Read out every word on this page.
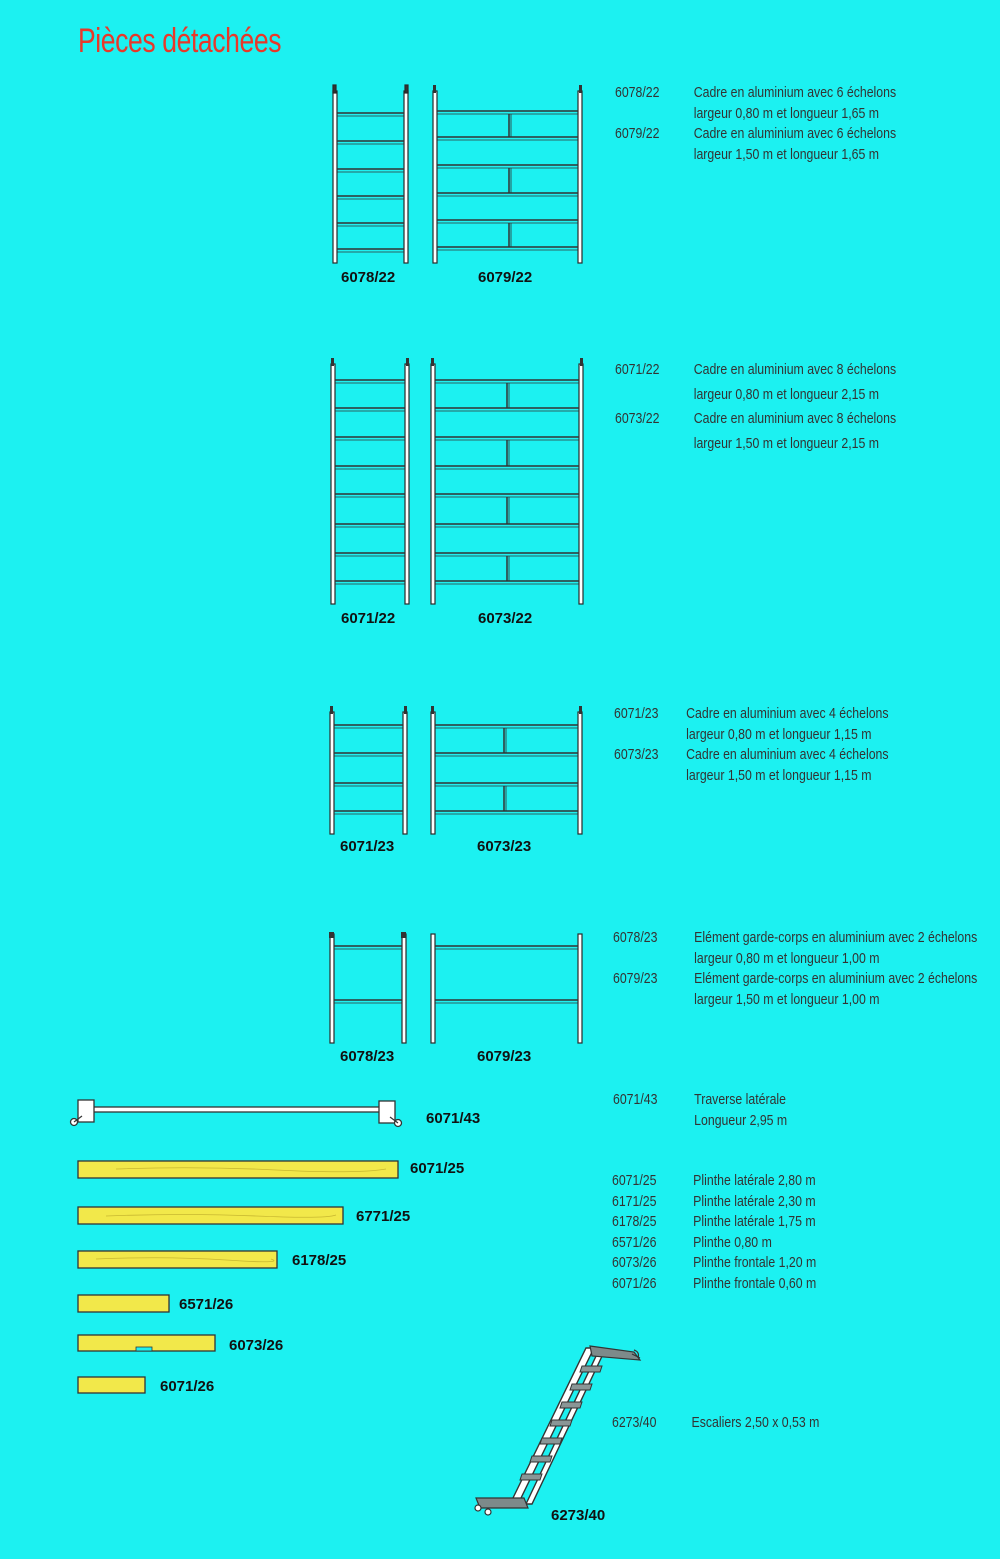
Pièces détachées
6078/22	6079/22
6078/22	Cadre en aluminium avec 6 échelons
largeur 0,80 m et longueur 1,65 m
6079/22	Cadre en aluminium avec 6 échelons
largeur 1,50 m et longueur 1,65 m
6071/22	6073/22
6071/22	Cadre en aluminium avec 8 échelons
largeur 0,80 m et longueur 2,15 m
6073/22	Cadre en aluminium avec 8 échelons
largeur 1,50 m et longueur 2,15 m
6071/23	6073/23
6071/23	Cadre en aluminium avec 4 échelons
largeur 0,80 m et longueur 1,15 m
6073/23	Cadre en aluminium avec 4 échelons
largeur 1,50 m et longueur 1,15 m
6078/23	6079/23
6078/23	Elément garde-corps en aluminium avec 2 échelons
largeur 0,80 m et longueur 1,00 m
6079/23	Elément garde-corps en aluminium avec 2 échelons
largeur 1,50 m et longueur 1,00 m
6071/43
6071/43	Traverse latérale
Longueur 2,95 m
6071/25
6771/25
6178/25
6571/26
6073/26
6071/26
6071/25	Plinthe latérale 2,80 m
6171/25	Plinthe latérale 2,30 m
6178/25	Plinthe latérale 1,75 m
6571/26	Plinthe 0,80 m
6073/26	Plinthe frontale 1,20 m
6071/26	Plinthe frontale 0,60 m
6273/40
6273/40	Escaliers 2,50 x 0,53 m
